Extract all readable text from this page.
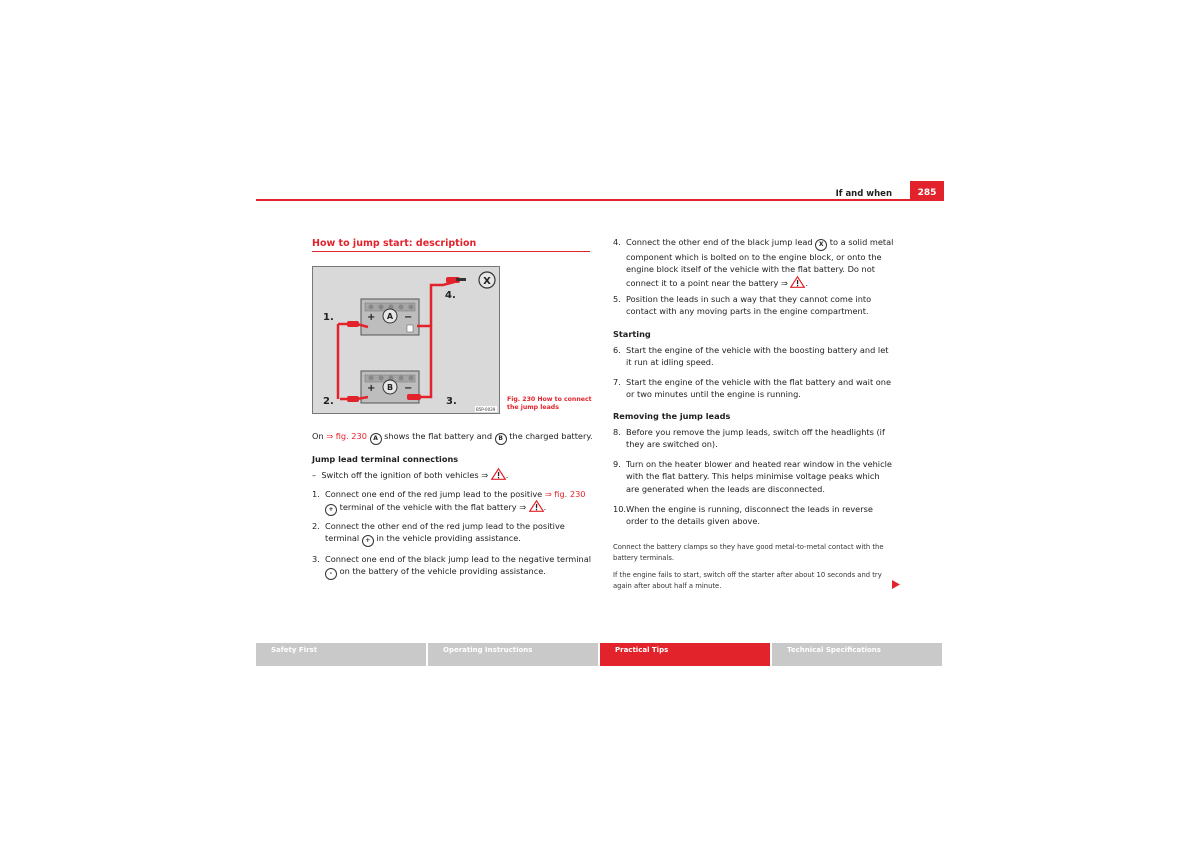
If and when	285
How to jump start: description
+	−
A
+	−
B
X
1.
2.	3.
4.
B5P-0039
Fig. 230 How to connect
the jump leads
On ⇒ fig. 230 A shows the flat battery and B the charged battery.
Jump lead terminal connections
– Switch off the ignition of both vehicles ⇒ .
1. Connect one end of the red jump lead to the positive ⇒ fig. 230
+ terminal of the vehicle with the flat battery ⇒ .
2. Connect the other end of the red jump lead to the positive terminal + in the vehicle providing assistance.
3. Connect one end of the black jump lead to the negative terminal - on the battery of the vehicle providing assistance.
4. Connect the other end of the black jump lead X to a solid metal component which is bolted on to the engine block, or onto the engine block itself of the vehicle with the flat battery. Do not connect it to a point near the battery ⇒ .
5. Position the leads in such a way that they cannot come into contact with any moving parts in the engine compartment.
Starting
6. Start the engine of the vehicle with the boosting battery and let it run at idling speed.
7. Start the engine of the vehicle with the flat battery and wait one or two minutes until the engine is running.
Removing the jump leads
8. Before you remove the jump leads, switch off the headlights (if they are switched on).
9. Turn on the heater blower and heated rear window in the vehicle with the flat battery. This helps minimise voltage peaks which are generated when the leads are disconnected.
10. When the engine is running, disconnect the leads in reverse order to the details given above.
Connect the battery clamps so they have good metal-to-metal contact with the battery terminals.
If the engine fails to start, switch off the starter after about 10 seconds and try again after about half a minute.
Safety First	Operating Instructions	Practical Tips	Technical Specifications
